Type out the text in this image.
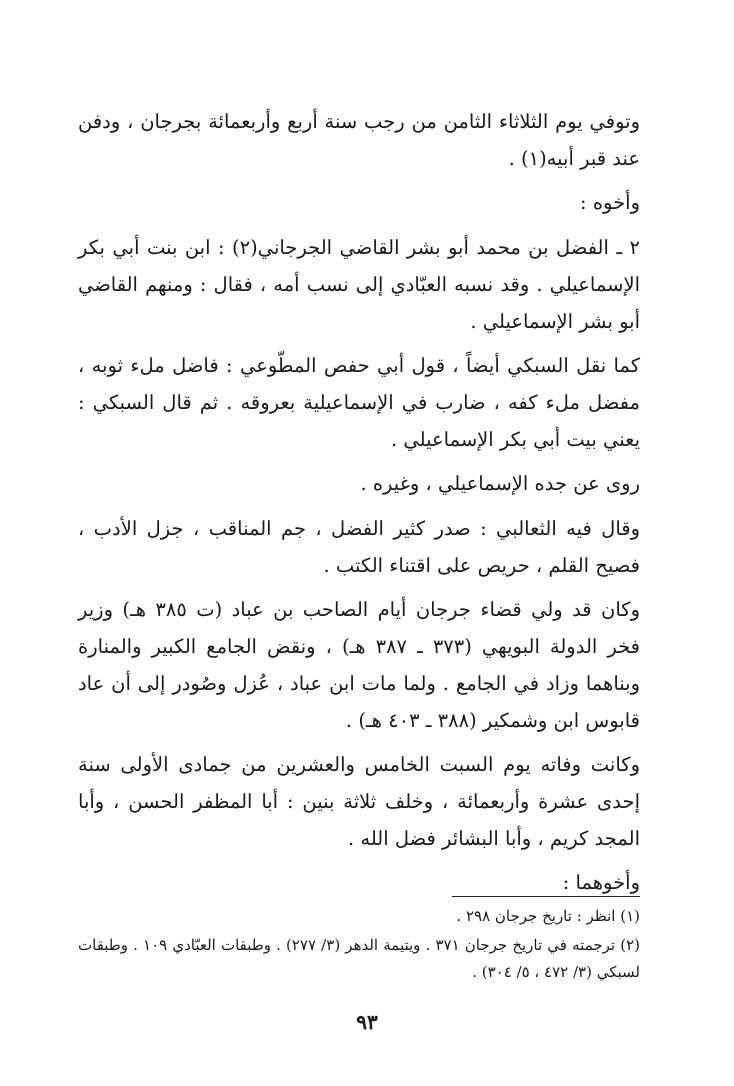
وتوفي يوم الثلاثاء الثامن من رجب سنة أربع وأربعمائة بجرجان ، ودفن عند قبر أبيه(١) .

وأخوه :

٢ ـ الفضل بن محمد أبو بشر القاضي الجرجاني(٢) : ابن بنت أبي بكر الإسماعيلي . وقد نسبه العبّادي إلى نسب أمه ، فقال : ومنهم القاضي أبو بشر الإسماعيلي .

كما نقل السبكي أيضاً ، قول أبي حفص المطّوعي : فاضل ملء ثوبه ، مفضل ملء كفه ، ضارب في الإسماعيلية بعروقه . ثم قال السبكي : يعني بيت أبي بكر الإسماعيلي .

روى عن جده الإسماعيلي ، وغيره .

وقال فيه الثعالبي : صدر كثير الفضل ، جم المناقب ، جزل الأدب ، فصيح القلم ، حريص على اقتناء الكتب .

وكان قد ولي قضاء جرجان أيام الصاحب بن عباد (ت ٣٨٥ هـ) وزير فخر الدولة البويهي (٣٧٣ ـ ٣٨٧ هـ) ، ونقض الجامع الكبير والمنارة وبناهما وزاد في الجامع . ولما مات ابن عباد ، عُزل وصُودر إلى أن عاد قابوس ابن وشمكير (٣٨٨ ـ ٤٠٣ هـ) .

وكانت وفاته يوم السبت الخامس والعشرين من جمادى الأولى سنة إحدى عشرة وأربعمائة ، وخلف ثلاثة بنين : أبا المظفر الحسن ، وأبا المجد كريم ، وأبا البشائر فضل الله .

وأخوهما :

(١) انظر : تاريخ جرجان ٢٩٨ .

(٢) ترجمته في تاريخ جرجان ٣٧١ . ويتيمة الدهر (٣/ ٢٧٧) . وطبقات العبّادي ١٠٩ . وطبقات لسبكي (٣/ ٤٧٢ ، ٥/ ٣٠٤) .

٩٣
